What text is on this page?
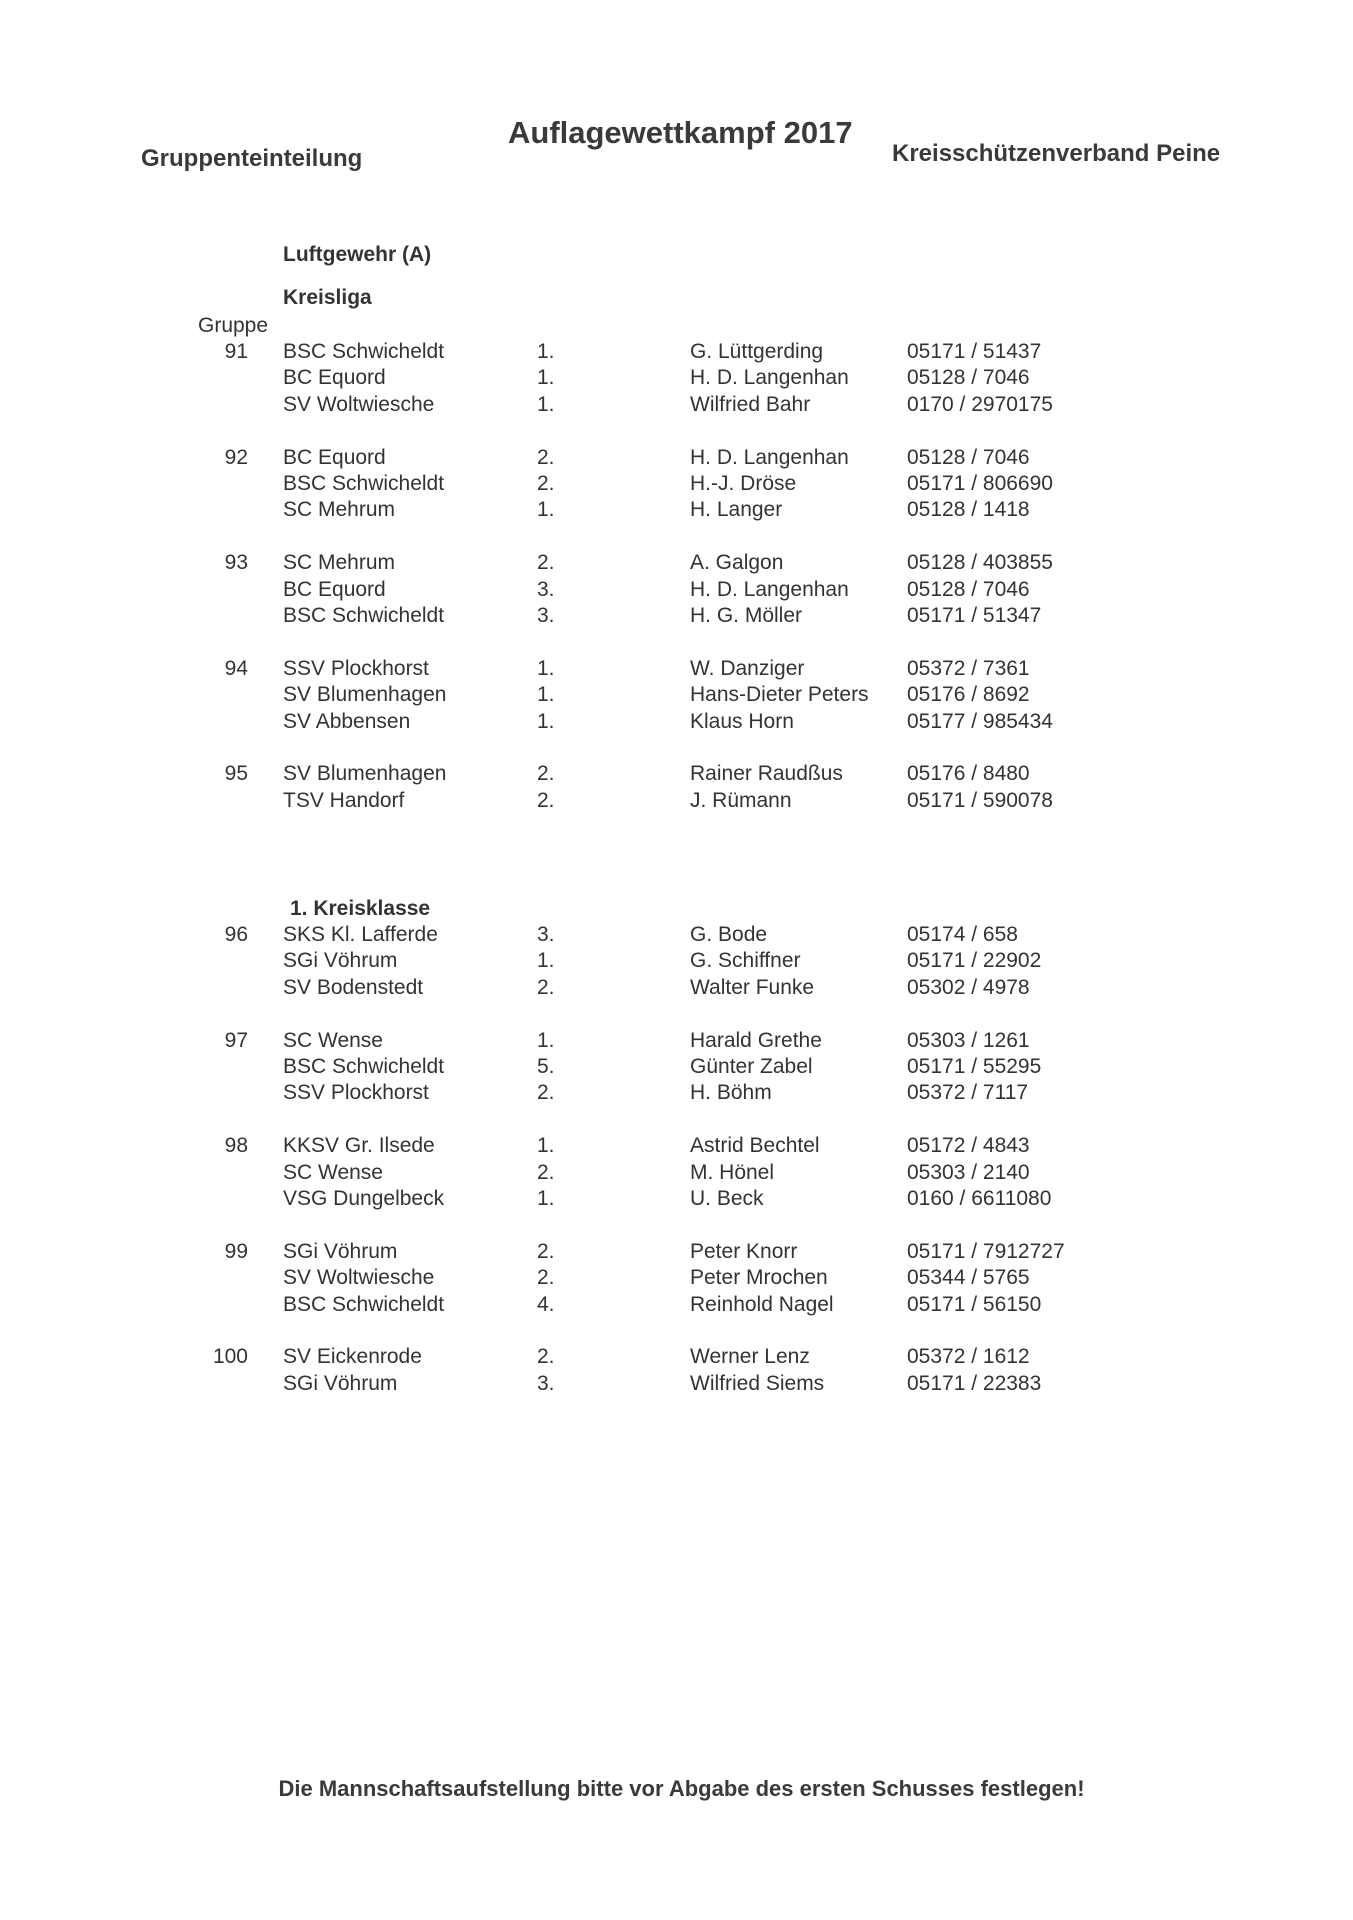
Gruppenteinteilung
Auflagewettkampf 2017
Kreisschützenverband Peine
Luftgewehr (A)
Kreisliga
Gruppe
91 BSC Schwicheldt	1.	G. Lüttgerding	05171 / 51437
BC Equord	1.	H. D. Langenhan	05128 / 7046
SV Woltwiesche	1.	Wilfried Bahr	0170 / 2970175
92 BC Equord	2.	H. D. Langenhan	05128 / 7046
BSC Schwicheldt	2.	H.-J. Dröse	05171 / 806690
SC Mehrum	1.	H. Langer	05128 / 1418
93 SC Mehrum	2.	A. Galgon	05128 / 403855
BC Equord	3.	H. D. Langenhan	05128 / 7046
BSC Schwicheldt	3.	H. G. Möller	05171 / 51347
94 SSV Plockhorst	1.	W. Danziger	05372 / 7361
SV Blumenhagen	1.	Hans-Dieter Peters 05176 / 8692
SV Abbensen	1.	Klaus Horn	05177 / 985434
95 SV Blumenhagen	2.	Rainer Raudßus	05176 / 8480
TSV Handorf	2.	J. Rümann	05171 / 590078
1. Kreisklasse
96 SKS Kl. Lafferde	3.	G. Bode	05174 / 658
SGi Vöhrum	1.	G. Schiffner	05171 / 22902
SV Bodenstedt	2.	Walter Funke	05302 / 4978
97 SC Wense	1.	Harald Grethe	05303 / 1261
BSC Schwicheldt	5.	Günter Zabel	05171 / 55295
SSV Plockhorst	2.	H. Böhm	05372 / 7117
98 KKSV Gr. Ilsede	1.	Astrid Bechtel	05172 / 4843
SC Wense	2.	M. Hönel	05303 / 2140
VSG Dungelbeck	1.	U. Beck	0160 / 6611080
99 SGi Vöhrum	2.	Peter Knorr	05171 / 7912727
SV Woltwiesche	2.	Peter Mrochen	05344 / 5765
BSC Schwicheldt	4.	Reinhold Nagel	05171 / 56150
100 SV Eickenrode	2.	Werner Lenz	05372 / 1612
SGi Vöhrum	3.	Wilfried Siems	05171 / 22383
Die Mannschaftsaufstellung bitte vor Abgabe des ersten Schusses festlegen!
